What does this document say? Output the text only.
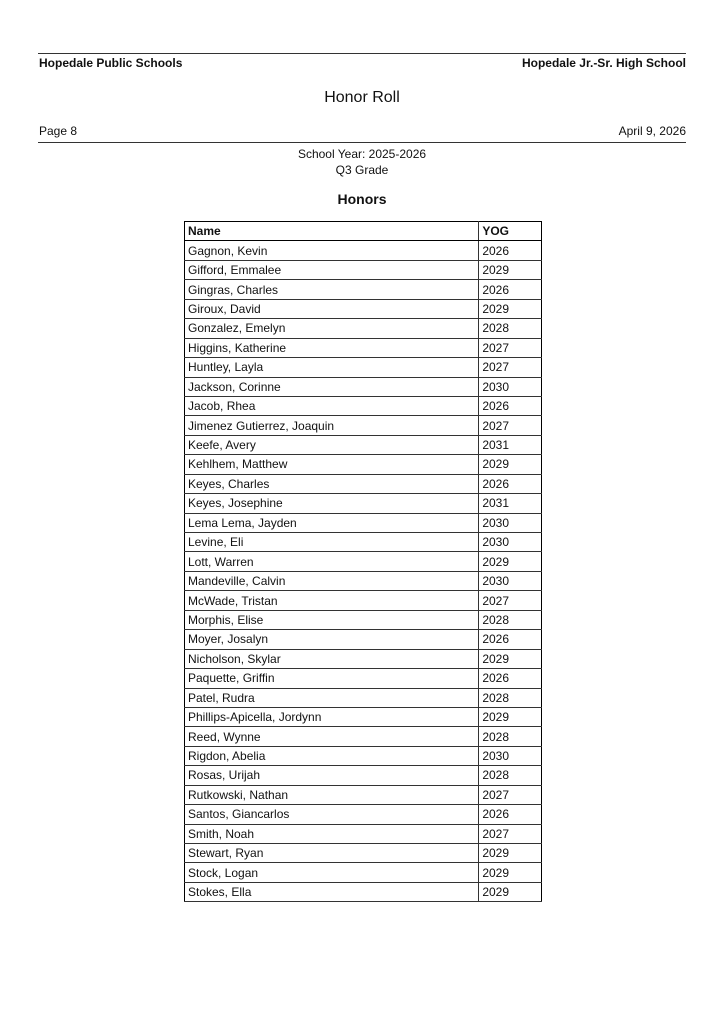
Hopedale Public Schools	Hopedale Jr.-Sr. High School
Honor Roll
Page 8	April 9, 2026
School Year: 2025-2026
Q3 Grade
Honors
Name	YOG
Gagnon, Kevin	2026
Gifford, Emmalee	2029
Gingras, Charles	2026
Giroux, David	2029
Gonzalez, Emelyn	2028
Higgins, Katherine	2027
Huntley, Layla	2027
Jackson, Corinne	2030
Jacob, Rhea	2026
Jimenez Gutierrez, Joaquin	2027
Keefe, Avery	2031
Kehlhem, Matthew	2029
Keyes, Charles	2026
Keyes, Josephine	2031
Lema Lema, Jayden	2030
Levine, Eli	2030
Lott, Warren	2029
Mandeville, Calvin	2030
McWade, Tristan	2027
Morphis, Elise	2028
Moyer, Josalyn	2026
Nicholson, Skylar	2029
Paquette, Griffin	2026
Patel, Rudra	2028
Phillips-Apicella, Jordynn	2029
Reed, Wynne	2028
Rigdon, Abelia	2030
Rosas, Urijah	2028
Rutkowski, Nathan	2027
Santos, Giancarlos	2026
Smith, Noah	2027
Stewart, Ryan	2029
Stock, Logan	2029
Stokes, Ella	2029
